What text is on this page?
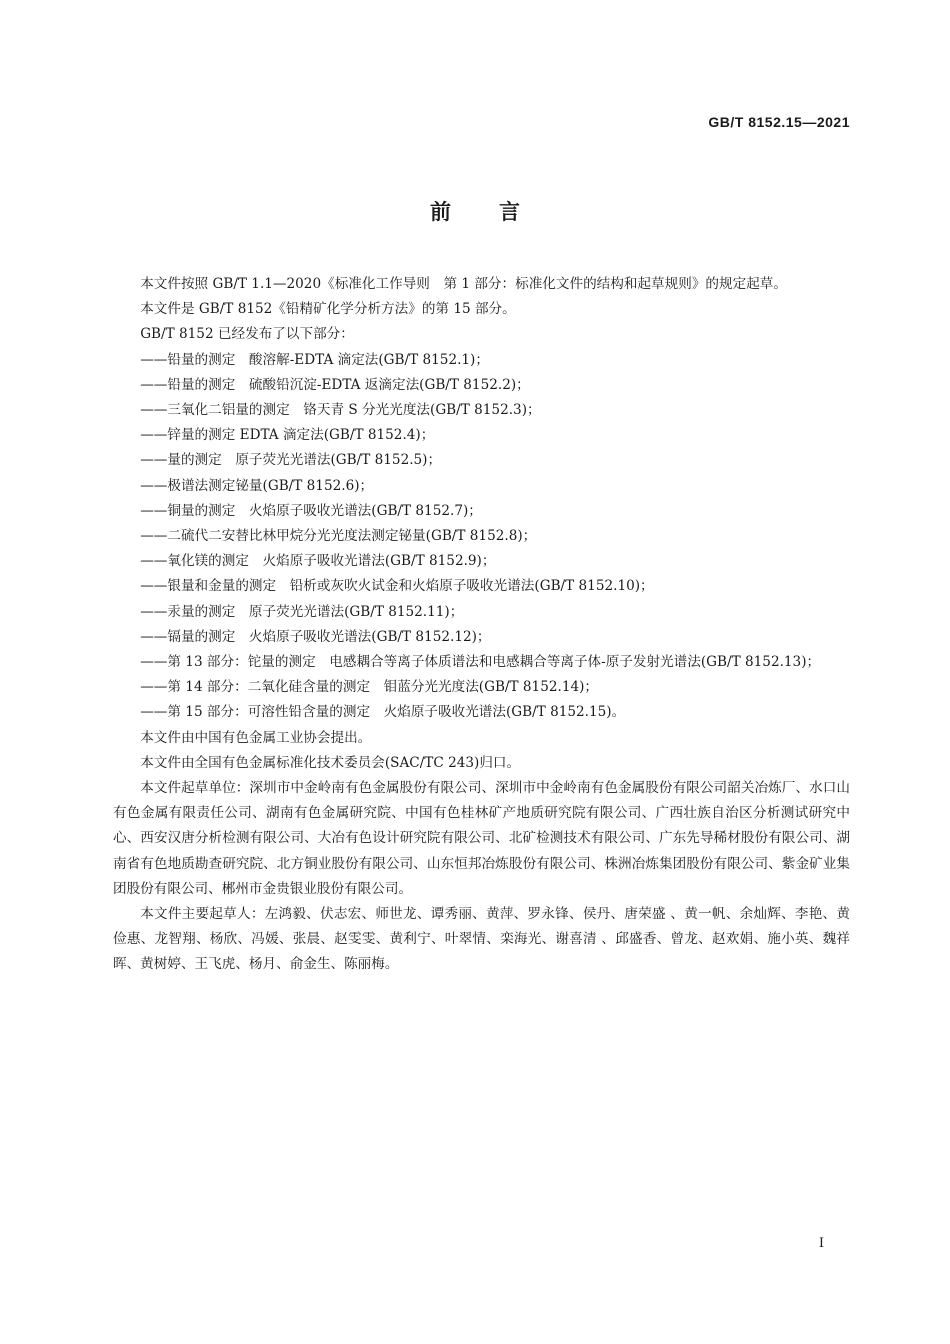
GB/T 8152.15—2021
前言

本文件按照 GB/T 1.1—2020《标准化工作导则　第 1 部分：标准化文件的结构和起草规则》的规定起草。

本文件是 GB/T 8152《铅精矿化学分析方法》的第 15 部分。

GB/T 8152 已经发布了以下部分：

——铅量的测定　酸溶解-EDTA 滴定法(GB/T 8152.1)；

——铅量的测定　硫酸铅沉淀-EDTA 返滴定法(GB/T 8152.2)；

——三氧化二铝量的测定　铬天青 S 分光光度法(GB/T 8152.3)；

——锌量的测定 EDTA 滴定法(GB/T 8152.4)；

——量的测定　原子荧光光谱法(GB/T 8152.5)；

——极谱法测定铋量(GB/T 8152.6)；

——铜量的测定　火焰原子吸收光谱法(GB/T 8152.7)；

——二硫代二安替比林甲烷分光光度法测定铋量(GB/T 8152.8)；

——氧化镁的测定　火焰原子吸收光谱法(GB/T 8152.9)；

——银量和金量的测定　铅析或灰吹火试金和火焰原子吸收光谱法(GB/T 8152.10)；

——汞量的测定　原子荧光光谱法(GB/T 8152.11)；

——镉量的测定　火焰原子吸收光谱法(GB/T 8152.12)；

——第 13 部分：铊量的测定　电感耦合等离子体质谱法和电感耦合等离子体-原子发射光谱法(GB/T 8152.13)；

——第 14 部分：二氧化硅含量的测定　钼蓝分光光度法(GB/T 8152.14)；

——第 15 部分：可溶性铅含量的测定　火焰原子吸收光谱法(GB/T 8152.15)。

本文件由中国有色金属工业协会提出。

本文件由全国有色金属标准化技术委员会(SAC/TC 243)归口。

本文件起草单位：深圳市中金岭南有色金属股份有限公司、深圳市中金岭南有色金属股份有限公司韶关冶炼厂、水口山有色金属有限责任公司、湖南有色金属研究院、中国有色桂林矿产地质研究院有限公司、广西壮族自治区分析测试研究中心、西安汉唐分析检测有限公司、大冶有色设计研究院有限公司、北矿检测技术有限公司、广东先导稀材股份有限公司、湖南省有色地质勘查研究院、北方铜业股份有限公司、山东恒邦冶炼股份有限公司、株洲冶炼集团股份有限公司、紫金矿业集团股份有限公司、郴州市金贵银业股份有限公司。

本文件主要起草人：左鸿毅、伏志宏、师世龙、谭秀丽、黄萍、罗永锋、侯丹、唐荣盛 、黄一帆、余灿辉、李艳、黄俭惠、龙智翔、杨欣、冯媛、张晨、赵雯雯、黄利宁、叶翠情、栾海光、谢喜清 、邱盛香、曾龙、赵欢娟、施小英、魏祥晖、黄树婷、王飞虎、杨月、俞金生、陈丽梅。

Ⅰ
